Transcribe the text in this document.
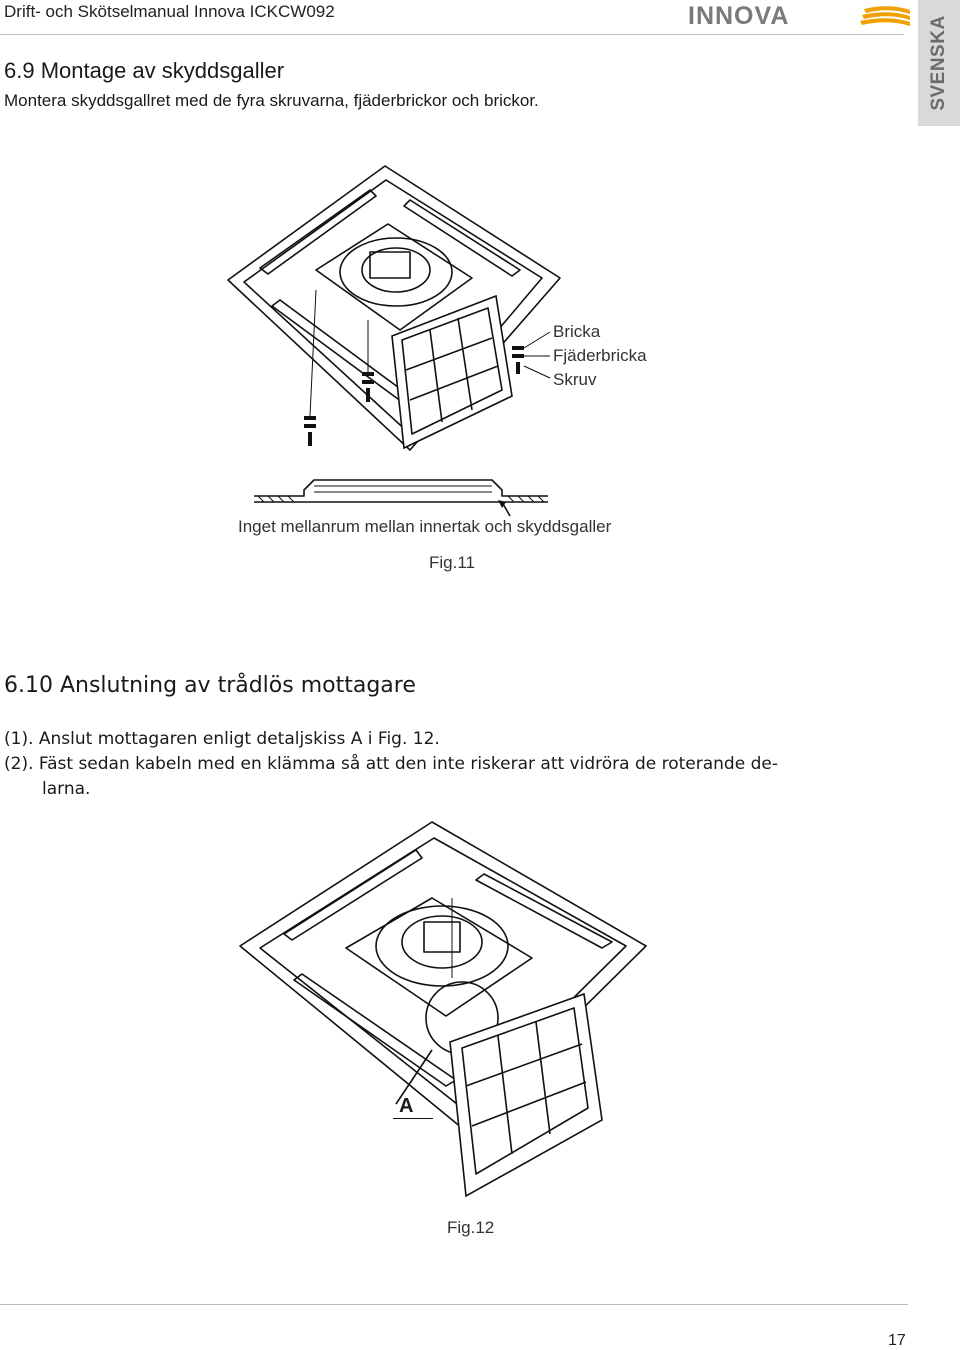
Drift- och Skötselmanual Innova ICKCW092	INNOVA	SVENSKA
6.9 Montage av skyddsgaller
Montera skyddsgallret med de fyra skruvarna, fjäderbrickor och brickor.
Bricka
Fjäderbricka
Skruv
Inget mellanrum mellan innertak och skyddsgaller
Fig.11
6.10 Anslutning av trådlös mottagare
(1). Anslut mottagaren enligt detaljskiss A i Fig. 12.
(2). Fäst sedan kabeln med en klämma så att den inte riskerar att vidröra de roterande de-
larna.
A
Fig.12
17
